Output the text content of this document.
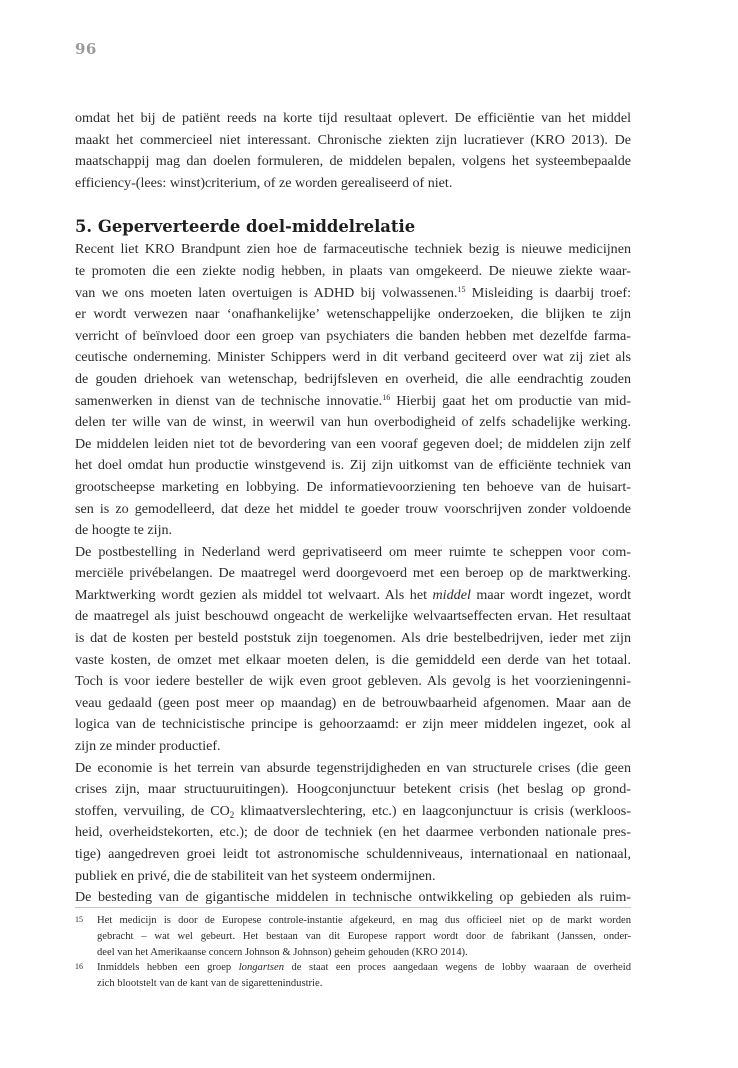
96
omdat het bij de patiënt reeds na korte tijd resultaat oplevert. De efficiëntie van het middel
maakt het commercieel niet interessant. Chronische ziekten zijn lucratiever (KRO 2013). De
maatschappij mag dan doelen formuleren, de middelen bepalen, volgens het systeembepaalde
efficiency-(lees: winst)criterium, of ze worden gerealiseerd of niet.
5. Geperverteerde doel-middelrelatie
Recent liet KRO Brandpunt zien hoe de farmaceutische techniek bezig is nieuwe medicijnen
te promoten die een ziekte nodig hebben, in plaats van omgekeerd. De nieuwe ziekte waar-
van we ons moeten laten overtuigen is ADHD bij volwassenen.$^{15}$ Misleiding is daarbij troef:
er wordt verwezen naar ‘onafhankelijke’ wetenschappelijke onderzoeken, die blijken te zijn
verricht of beïnvloed door een groep van psychiaters die banden hebben met dezelfde farma-
ceutische onderneming. Minister Schippers werd in dit verband geciteerd over wat zij ziet als
de gouden driehoek van wetenschap, bedrijfsleven en overheid, die alle eendrachtig zouden
samenwerken in dienst van de technische innovatie.$^{16}$ Hierbij gaat het om productie van mid-
delen ter wille van de winst, in weerwil van hun overbodigheid of zelfs schadelijke werking.
De middelen leiden niet tot de bevordering van een vooraf gegeven doel; de middelen zijn zelf
het doel omdat hun productie winstgevend is. Zij zijn uitkomst van de efficiënte techniek van
grootscheepse marketing en lobbying. De informatievoorziening ten behoeve van de huisart-
sen is zo gemodelleerd, dat deze het middel te goeder trouw voorschrijven zonder voldoende
de hoogte te zijn.
De postbestelling in Nederland werd geprivatiseerd om meer ruimte te scheppen voor com-
merciële privébelangen. De maatregel werd doorgevoerd met een beroep op de marktwerking.
Marktwerking wordt gezien als middel tot welvaart. Als het middel maar wordt ingezet, wordt
de maatregel als juist beschouwd ongeacht de werkelijke welvaartseffecten ervan. Het resultaat
is dat de kosten per besteld poststuk zijn toegenomen. Als drie bestelbedrijven, ieder met zijn
vaste kosten, de omzet met elkaar moeten delen, is die gemiddeld een derde van het totaal.
Toch is voor iedere besteller de wijk even groot gebleven. Als gevolg is het voorzieningenni-
veau gedaald (geen post meer op maandag) en de betrouwbaarheid afgenomen. Maar aan de
logica van de technicistische principe is gehoorzaamd: er zijn meer middelen ingezet, ook al
zijn ze minder productief.
De economie is het terrein van absurde tegenstrijdigheden en van structurele crises (die geen
crises zijn, maar structuuruitingen). Hoogconjunctuur betekent crisis (het beslag op grond-
stoffen, vervuiling, de $CO_2$ klimaatverslechtering, etc.) en laagconjunctuur is crisis (werkloos-
heid, overheidstekorten, etc.); de door de techniek (en het daarmee verbonden nationale pres-
tige) aangedreven groei leidt tot astronomische schuldenniveaus, internationaal en nationaal,
publiek en privé, die de stabiliteit van het systeem ondermijnen.
De besteding van de gigantische middelen in technische ontwikkeling op gebieden als ruim-
15 Het medicijn is door de Europese controle-instantie afgekeurd, en mag dus officieel niet op de markt worden
gebracht – wat wel gebeurt. Het bestaan van dit Europese rapport wordt door de fabrikant (Janssen, onder-
deel van het Amerikaanse concern Johnson & Johnson) geheim gehouden (KRO 2014).
16 Inmiddels hebben een groep longartsen de staat een proces aangedaan wegens de lobby waaraan de overheid
zich blootstelt van de kant van de sigarettenindustrie.
